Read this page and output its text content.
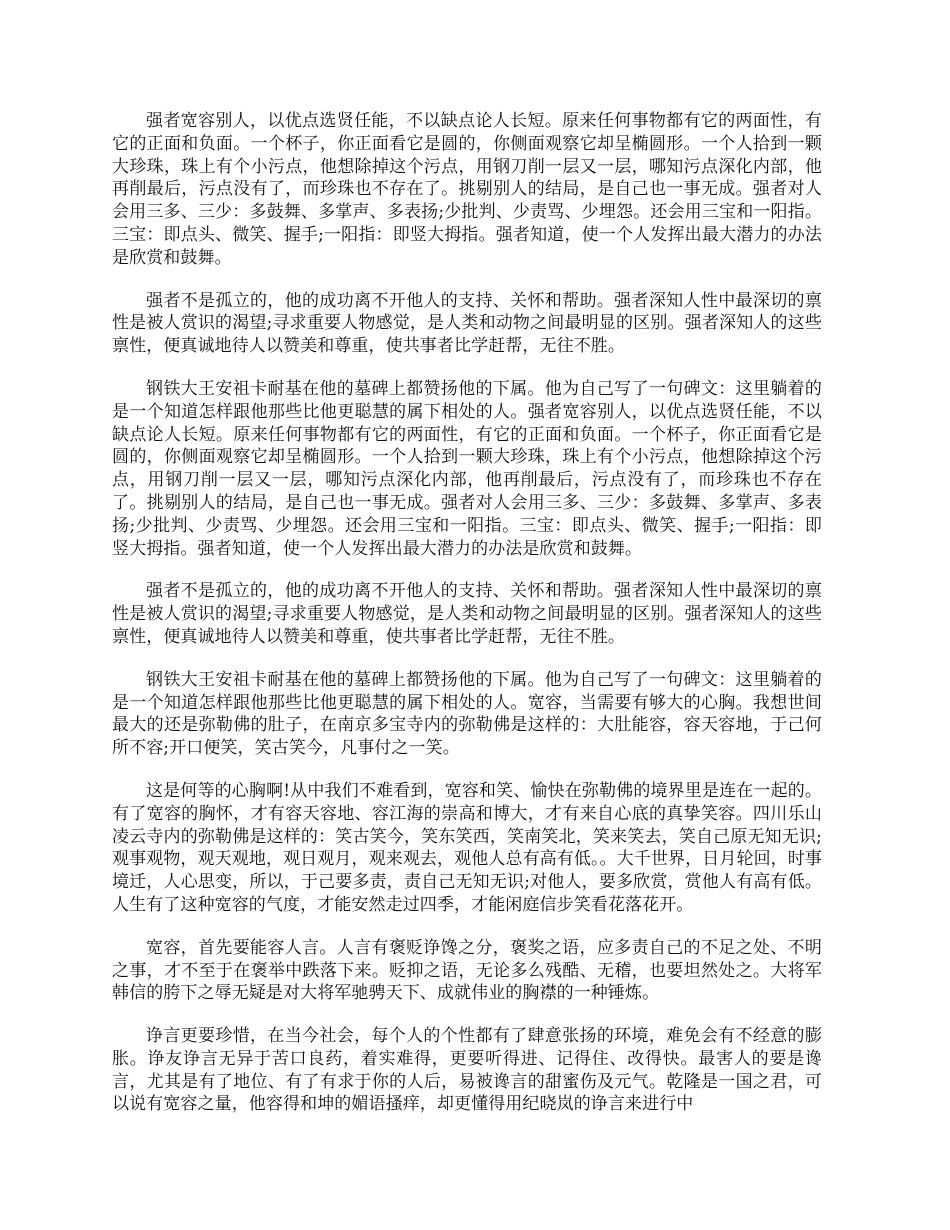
强者宽容别人，以优点选贤任能，不以缺点论人长短。原来任何事物都有它的两面性，有它的正面和负面。一个杯子，你正面看它是圆的，你侧面观察它却呈椭圆形。一个人拾到一颗大珍珠，珠上有个小污点，他想除掉这个污点，用钢刀削一层又一层，哪知污点深化内部，他再削最后，污点没有了，而珍珠也不存在了。挑剔别人的结局，是自己也一事无成。强者对人会用三多、三少：多鼓舞、多掌声、多表扬;少批判、少责骂、少埋怨。还会用三宝和一阳指。三宝：即点头、微笑、握手;一阳指：即竖大拇指。强者知道，使一个人发挥出最大潜力的办法是欣赏和鼓舞。

强者不是孤立的，他的成功离不开他人的支持、关怀和帮助。强者深知人性中最深切的禀性是被人赏识的渴望;寻求重要人物感觉，是人类和动物之间最明显的区别。强者深知人的这些禀性，便真诚地待人以赞美和尊重，使共事者比学赶帮，无往不胜。

钢铁大王安祖卡耐基在他的墓碑上都赞扬他的下属。他为自己写了一句碑文：这里躺着的是一个知道怎样跟他那些比他更聪慧的属下相处的人。强者宽容别人，以优点选贤任能，不以缺点论人长短。原来任何事物都有它的两面性，有它的正面和负面。一个杯子，你正面看它是圆的，你侧面观察它却呈椭圆形。一个人拾到一颗大珍珠，珠上有个小污点，他想除掉这个污点，用钢刀削一层又一层，哪知污点深化内部，他再削最后，污点没有了，而珍珠也不存在了。挑剔别人的结局，是自己也一事无成。强者对人会用三多、三少：多鼓舞、多掌声、多表扬;少批判、少责骂、少埋怨。还会用三宝和一阳指。三宝：即点头、微笑、握手;一阳指：即竖大拇指。强者知道，使一个人发挥出最大潜力的办法是欣赏和鼓舞。

强者不是孤立的，他的成功离不开他人的支持、关怀和帮助。强者深知人性中最深切的禀性是被人赏识的渴望;寻求重要人物感觉，是人类和动物之间最明显的区别。强者深知人的这些禀性，便真诚地待人以赞美和尊重，使共事者比学赶帮，无往不胜。

钢铁大王安祖卡耐基在他的墓碑上都赞扬他的下属。他为自己写了一句碑文：这里躺着的是一个知道怎样跟他那些比他更聪慧的属下相处的人。宽容，当需要有够大的心胸。我想世间最大的还是弥勒佛的肚子，在南京多宝寺内的弥勒佛是这样的：大肚能容，容天容地，于己何所不容;开口便笑，笑古笑今，凡事付之一笑。

这是何等的心胸啊!从中我们不难看到，宽容和笑、愉快在弥勒佛的境界里是连在一起的。有了宽容的胸怀，才有容天容地、容江海的崇高和博大，才有来自心底的真挚笑容。四川乐山凌云寺内的弥勒佛是这样的：笑古笑今，笑东笑西，笑南笑北，笑来笑去，笑自己原无知无识;观事观物，观天观地，观日观月，观来观去，观他人总有高有低。。大千世界，日月轮回，时事境迁，人心思变，所以，于己要多责，责自己无知无识;对他人，要多欣赏，赏他人有高有低。人生有了这种宽容的气度，才能安然走过四季，才能闲庭信步笑看花落花开。

宽容，首先要能容人言。人言有褒贬诤馋之分，褒奖之语，应多责自己的不足之处、不明之事，才不至于在褒举中跌落下来。贬抑之语，无论多么残酷、无稽，也要坦然处之。大将军韩信的胯下之辱无疑是对大将军驰骋天下、成就伟业的胸襟的一种锤炼。

诤言更要珍惜，在当今社会，每个人的个性都有了肆意张扬的环境，难免会有不经意的膨胀。诤友诤言无异于苦口良药，着实难得，更要听得进、记得住、改得快。最害人的要是谗言，尤其是有了地位、有了有求于你的人后，易被谗言的甜蜜伤及元气。乾隆是一国之君，可以说有宽容之量，他容得和坤的媚语搔痒，却更懂得用纪晓岚的诤言来进行中
